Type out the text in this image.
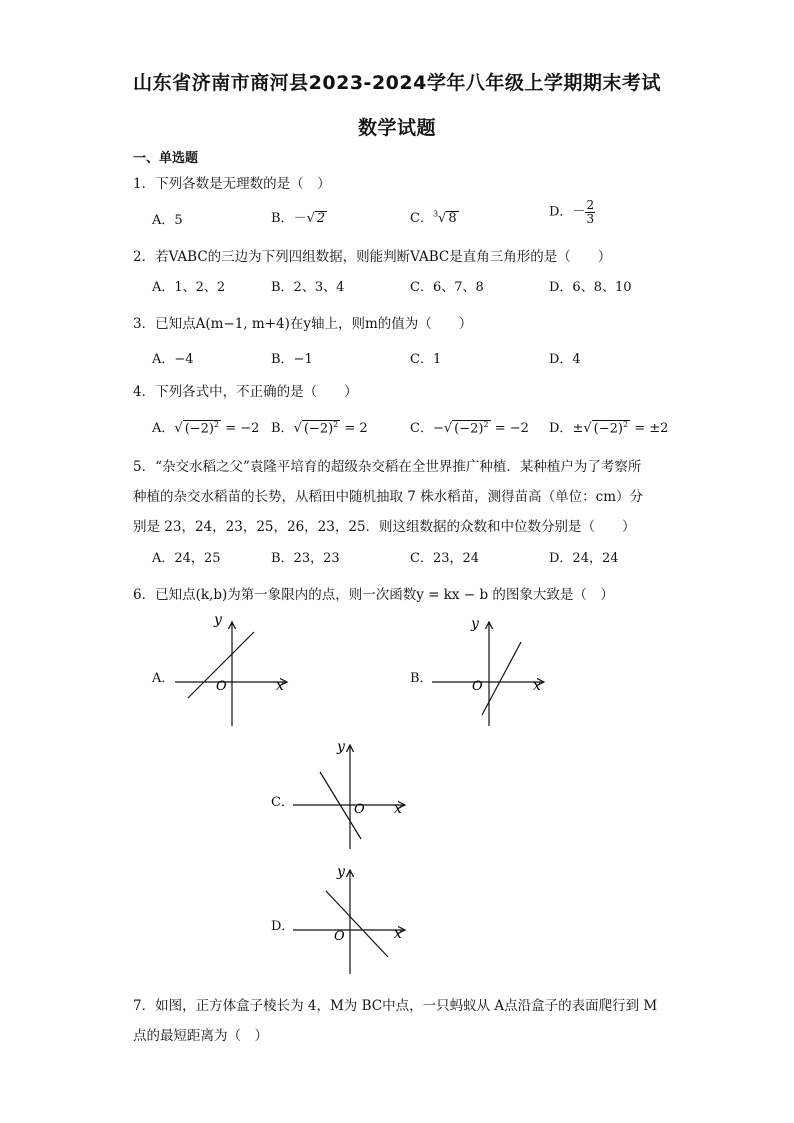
山东省济南市商河县2023-2024学年八年级上学期期末考试
数学试题
一、单选题
1．下列各数是无理数的是（　）
A．5	B．－√ 2	C．$^3$√ 8	D．－ $\frac{2}{3}$
2．若VABC的三边为下列四组数据，则能判断VABC是直角三角形的是（　　）
A．1、2、2	B．2、3、4	C．6、7、8	D．6、8、10
3．已知点A(m−1, m+4)在y轴上，则m的值为（　　）
A．−4	B．−1	C．1	D．4
4．下列各式中，不正确的是（　　）
A．√ $(-2)^2 = -2$ B．√ $(-2)^2 = 2$	C．−√ $(-2)^2 = -2$ D．±√ $(-2)^2 = \pm 2$
5．“杂交水稻之父”袁隆平培育的超级杂交稻在全世界推广种植．某种植户为了考察所
种植的杂交水稻苗的长势，从稻田中随机抽取 7 株水稻苗，测得苗高（单位：cm）分
别是 23，24，23，25，26，23，25．则这组数据的众数和中位数分别是（　　）
A．24，25	B．23，23	C．23，24	D．24，24
6．已知点(k,b)为第一象限内的点，则一次函数y = kx − b 的图象大致是（　）
A．
y
x
O
B．
y
x
O
C．
y
x
O
D．
y
x
O
7．如图，正方体盒子棱长为 4，M为 BC中点，一只蚂蚁从 A点沿盒子的表面爬行到 M
点的最短距离为（　）
